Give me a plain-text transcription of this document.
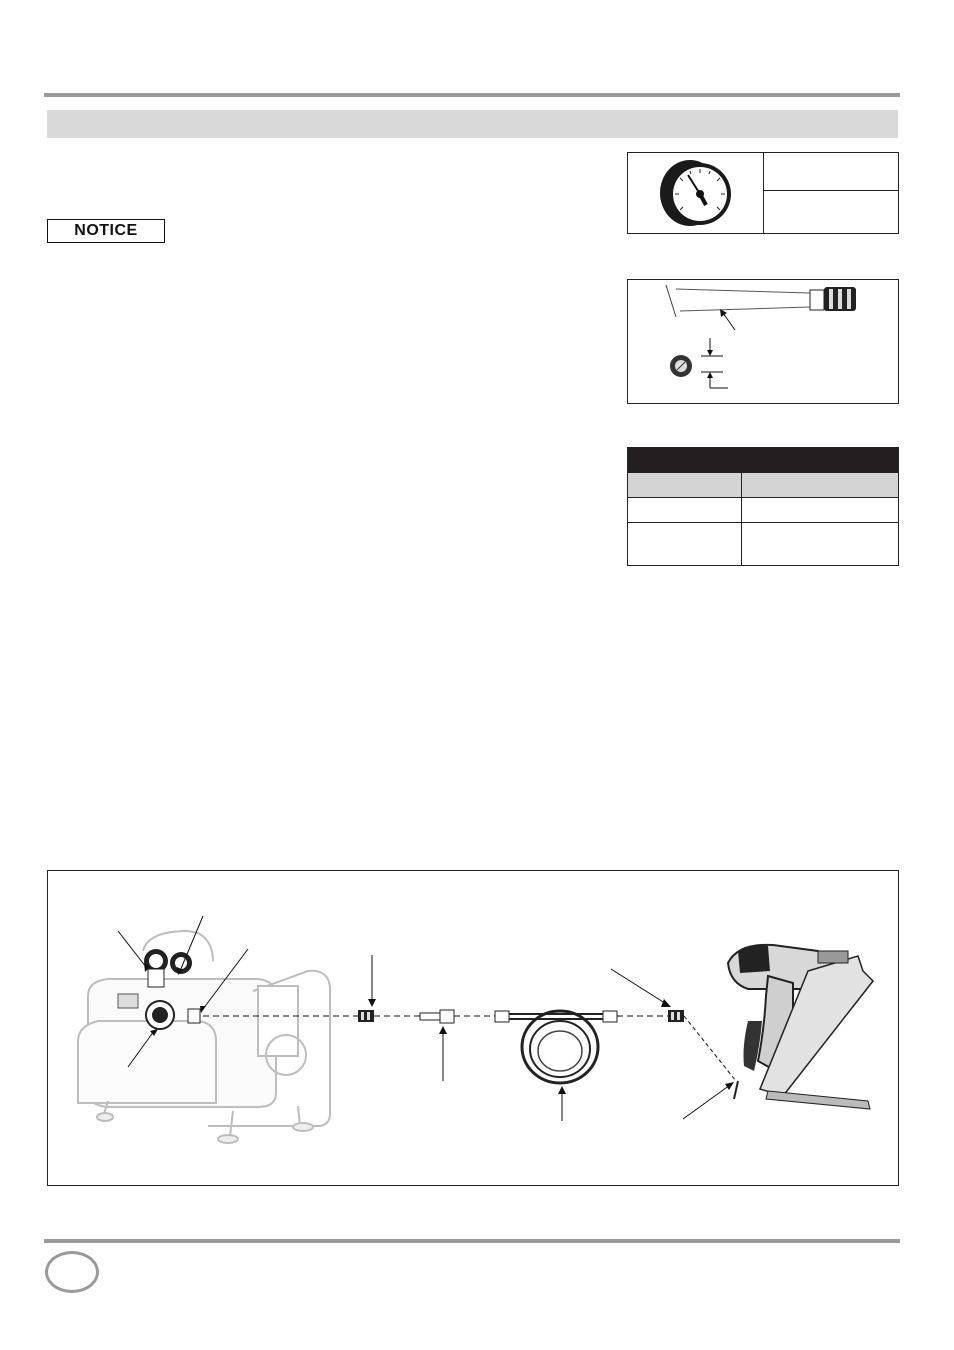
NOTICE
